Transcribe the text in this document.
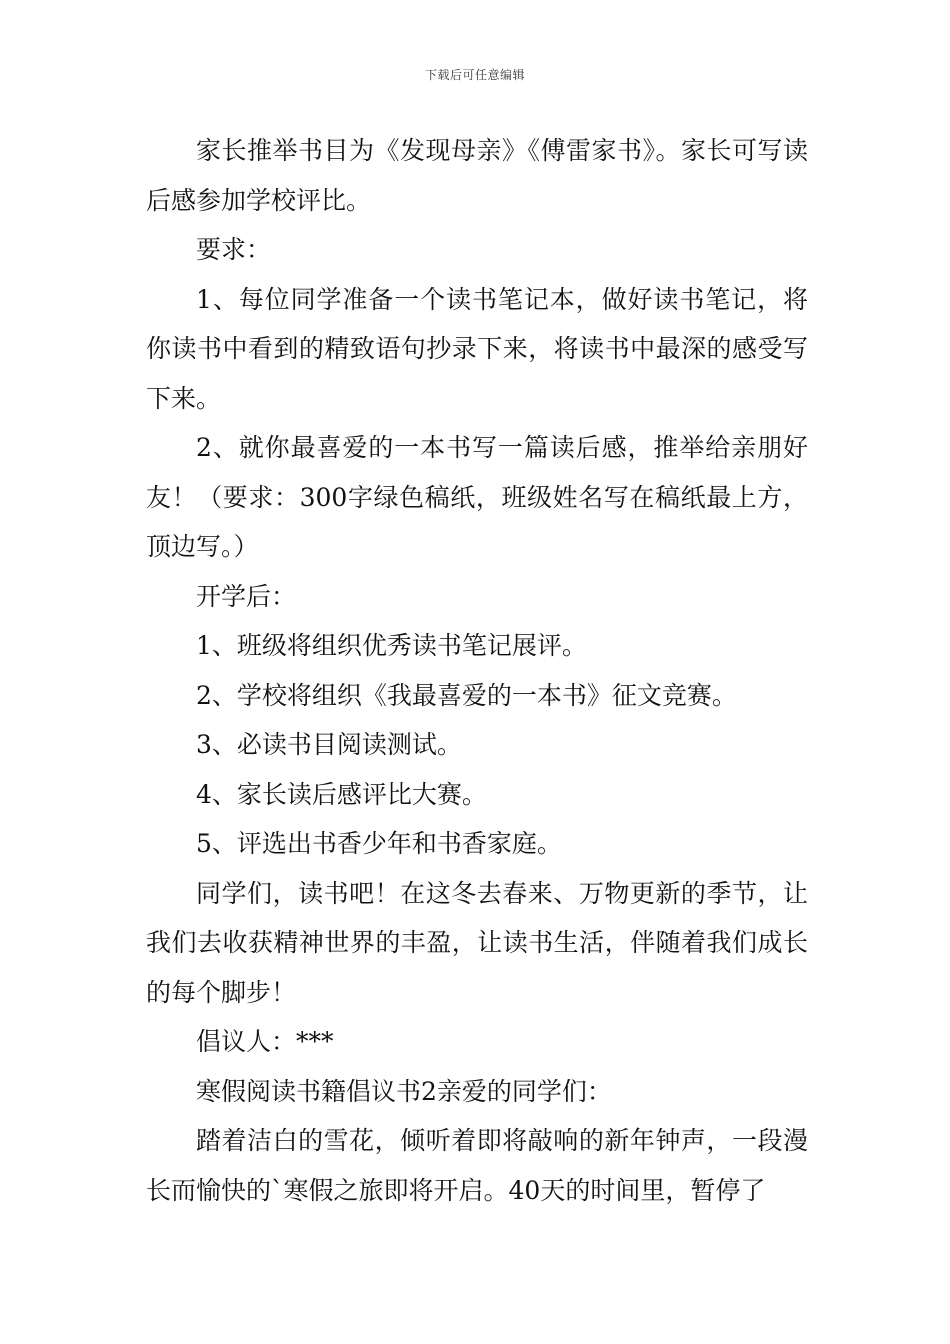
下载后可任意编辑

家长推举书目为《发现母亲》《傅雷家书》。家长可写读后感参加学校评比。

要求：

1、每位同学准备一个读书笔记本，做好读书笔记，将你读书中看到的精致语句抄录下来，将读书中最深的感受写下来。

2、就你最喜爱的一本书写一篇读后感，推举给亲朋好友！（要求：300字绿色稿纸，班级姓名写在稿纸最上方，顶边写。）

开学后：

1、班级将组织优秀读书笔记展评。

2、学校将组织《我最喜爱的一本书》征文竞赛。

3、必读书目阅读测试。

4、家长读后感评比大赛。

5、评选出书香少年和书香家庭。

同学们，读书吧！在这冬去春来、万物更新的季节，让我们去收获精神世界的丰盈，让读书生活，伴随着我们成长的每个脚步！

倡议人：***

寒假阅读书籍倡议书2亲爱的同学们：

踏着洁白的雪花，倾听着即将敲响的新年钟声，一段漫长而愉快的`寒假之旅即将开启。40天的时间里，暂停了
